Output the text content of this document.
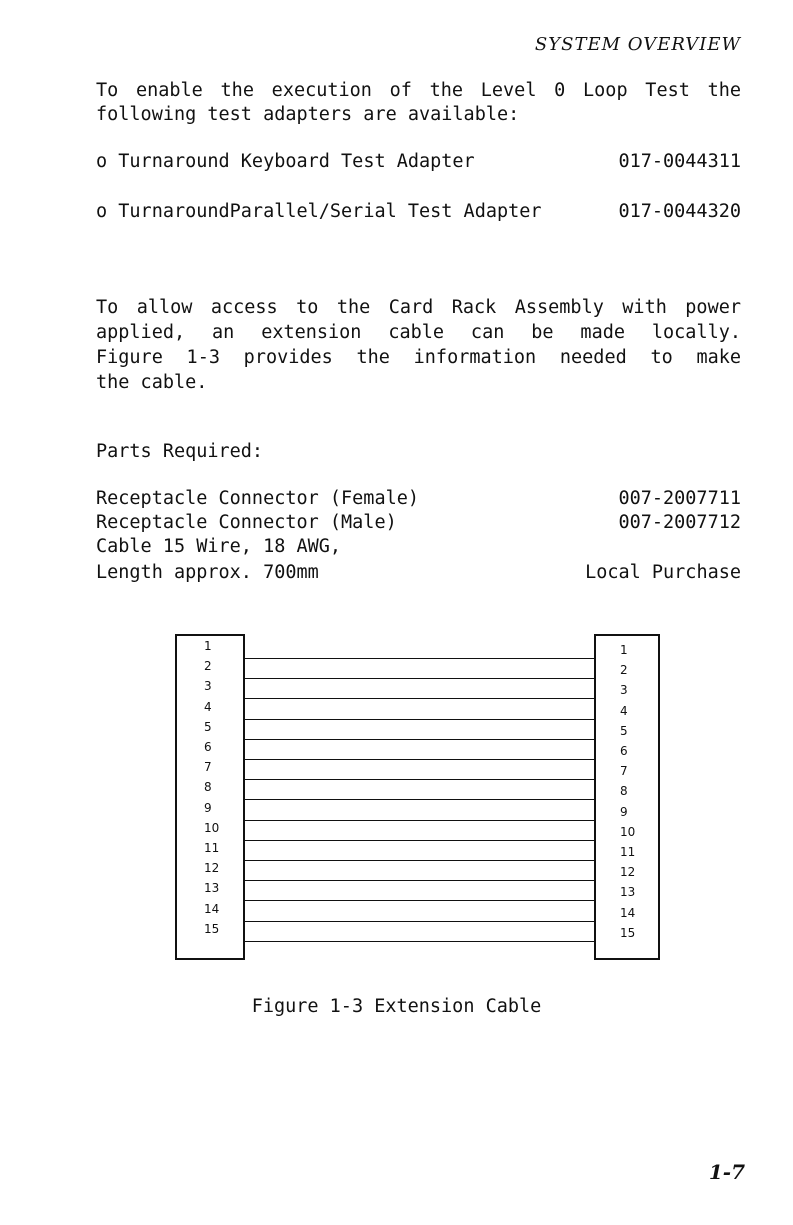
SYSTEM OVERVIEW
To enable the execution of the Level 0 Loop Test the
following test adapters are available:
o Turnaround Keyboard Test Adapter	017-0044311
o TurnaroundParallel/Serial Test Adapter	017-0044320
To allow access to the Card Rack Assembly with power
applied, an extension cable can be made locally.
Figure 1-3 provides the information needed to make
the cable.
Parts Required:
Receptacle Connector (Female)	007-2007711
Receptacle Connector (Male)	007-2007712
Cable 15 Wire, 18 AWG,
Length approx. 700mm	Local Purchase
1
2
3
4
5
6
7
8
9
10
11
12
13
14
15
1
2
3
4
5
6
7
8
9
10
11
12
13
14
15
Figure 1-3 Extension Cable
1-7
